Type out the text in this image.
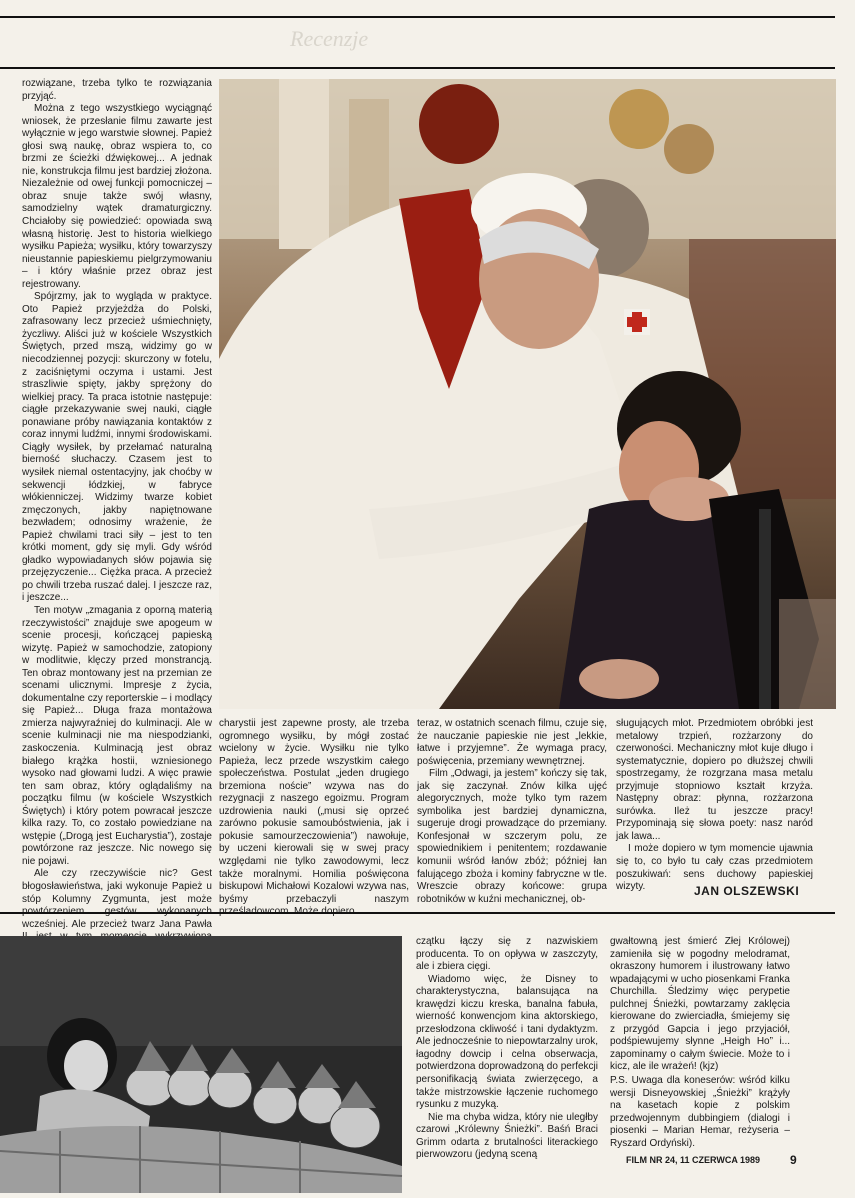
Recenzje

rozwiązane, trzeba tylko te rozwiązania przyjąć.

Można z tego wszystkiego wyciągnąć wniosek, że przesłanie filmu zawarte jest wyłącznie w jego warstwie słownej. Papież głosi swą naukę, obraz wspiera to, co brzmi ze ścieżki dźwiękowej... A jednak nie, konstrukcja filmu jest bardziej złożona. Niezależnie od owej funkcji pomocniczej – obraz snuje także swój własny, samodzielny wątek dramaturgiczny. Chciałoby się powiedzieć: opowiada swą własną historię. Jest to historia wielkiego wysiłku Papieża; wysiłku, który towarzyszy nieustannie papieskiemu pielgrzymowaniu – i który właśnie przez obraz jest rejestrowany.

Spójrzmy, jak to wygląda w praktyce. Oto Papież przyjeżdża do Polski, zafrasowany lecz przecież uśmiechnięty, życzliwy. Aliści już w kościele Wszystkich Świętych, przed mszą, widzimy go w niecodziennej pozycji: skurczony w fotelu, z zaciśniętymi oczyma i ustami. Jest straszliwie spięty, jakby sprężony do wielkiej pracy. Ta praca istotnie następuje: ciągłe przekazywanie swej nauki, ciągłe ponawiane próby nawiązania kontaktów z coraz innymi ludźmi, innymi środowiskami. Ciągły wysiłek, by przełamać naturalną bierność słuchaczy. Czasem jest to wysiłek niemal ostentacyjny, jak choćby w sekwencji łódzkiej, w fabryce włókienniczej. Widzimy twarze kobiet zmęczonych, jakby napiętnowane bezwładem; odnosimy wrażenie, że Papież chwilami traci siły – jest to ten krótki moment, gdy się myli. Gdy wśród gładko wypowiadanych słów pojawia się przejęzyczenie... Ciężka praca. A przecież po chwili trzeba ruszać dalej. I jeszcze raz, i jeszcze...

Ten motyw „zmagania z oporną materią rzeczywistości” znajduje swe apogeum w scenie procesji, kończącej papieską wizytę. Papież w samochodzie, zatopiony w modlitwie, klęczy przed monstrancją. Ten obraz montowany jest na przemian ze scenami ulicznymi. Impresje z życia, dokumentalne czy reporterskie – i modlący się Papież... Długa fraza montażowa zmierza najwyraźniej do kulminacji. Ale w scenie kulminacji nie ma niespodzianki, zaskoczenia. Kulminacją jest obraz białego krążka hostii, wzniesionego wysoko nad głowami ludzi. A więc prawie ten sam obraz, który oglądaliśmy na początku filmu (w kościele Wszystkich Świętych) i który potem powracał jeszcze kilka razy. To, co zostało powiedziane na wstępie („Drogą jest Eucharystia”), zostaje powtórzone raz jeszcze. Nic nowego się nie pojawi.

Ale czy rzeczywiście nic? Gest błogosławieństwa, jaki wykonuje Papież u stóp Kolumny Zygmunta, jest może wcześniej. Ale przecież twarz Jana Pawła

charystii jest zapewne prosty, ale trzeba ogromnego wysiłku, by mógł zostać wcielony w życie. Wysiłku nie tylko Papieża, lecz przede wszystkim całego społeczeństwa. Postulat „jeden drugiego brzemiona noście” wzywa nas do rezygnacji z naszego egoizmu. Program uzdrowienia nauki („musi się oprzeć zarówno pokusie samoubóstwienia, jak i pokusie samourzeczowienia”) nawołuje, by uczeni kierowali się w swej pracy względami nie tylko zawodowymi, lecz także moralnymi. Homilia poświęcona biskupowi Michałowi Kozalowi wzywa nas, byśmy przebaczyli naszym

teraz, w ostatnich scenach filmu, czuje się, że nauczanie papieskie nie jest „lekkie, łatwe i przyjemne”. Że wymaga pracy, poświęcenia, przemiany wewnętrznej.

Film „Odwagi, ja jestem” kończy się tak, jak się zaczynał. Znów kilka ujęć alegorycznych, może tylko tym razem symbolika jest bardziej dynamiczna, sugeruje drogi prowadzące do przemiany. Konfesjonał w szczerym polu, ze spowiednikiem i penitentem; rozdawanie komunii wśród łanów zbóż; później łan falującego zboża i kominy fabryczne w tle. Wreszcie obrazy końcowe: grupa robotników w kuźni mechanicznej, ob-

sługujących młot. Przedmiotem obróbki jest metalowy trzpień, rozżarzony do czerwoności. Mechaniczny młot kuje długo i systematycznie, dopiero po dłuższej chwili spostrzegamy, że rozgrzana masa metalu przyjmuje stopniowo kształt krzyża. Następny obraz: płynna, rozżarzona surówka. Ileż tu jeszcze pracy! Przypominają się słowa poety: nasz naród jak lawa...

I może dopiero w tym momencie ujawnia się to, co było tu cały czas przedmiotem poszukiwań: sens duchowy papieskiej wizyty.	JAN OLSZEWSKI

czątku łączy się z nazwiskiem producenta. To on opływa w zaszczyty, ale i zbiera cięgi.

Wiadomo więc, że Disney to charakterystyczna, balansująca na krawędzi kiczu kreska, banalna fabuła, wierność konwencjom kina aktorskiego, przesłodzona ckliwość i tani dydaktyzm. Ale jednocześnie to niepowtarzalny urok, łagodny dowcip i celna obserwacja, potwierdzona doprowadzoną do perfekcji personifikacją świata zwierzęcego, a także mistrzowskie łączenie ruchomego rysunku z muzyką.

Nie ma chyba widza, który nie uległby czarowi „Królewny Śnieżki”. Baśń Braci Grimm odarta z brutalności literackiego pierwowzoru (jedyną sceną

gwałtowną jest śmierć Złej Królowej) zamieniła się w pogodny melodramat, okraszony humorem i ilustrowany łatwo wpadającymi w ucho piosenkami Franka Churchilla. Śledzimy więc perypetie pulchnej Śnieżki, powtarzamy zaklęcia kierowane do zwierciadła, śmiejemy się z przygód Gapcia i jego przyjaciół, podśpiewujemy słynne „Heigh Ho” i... zapominamy o całym świecie. Może to i kicz, ale ile wrażeń! (kjz)

P.S. Uwaga dla koneserów: wśród kilku wersji Disneyowskiej „Śnieżki” krążyły na kasetach kopie z polskim przedwojennym dubbingiem (dialogi i piosenki – Marian Hemar, reżyseria – Ryszard Ordyński).

FILM NR 24, 11 CZERWCA 1989 9
